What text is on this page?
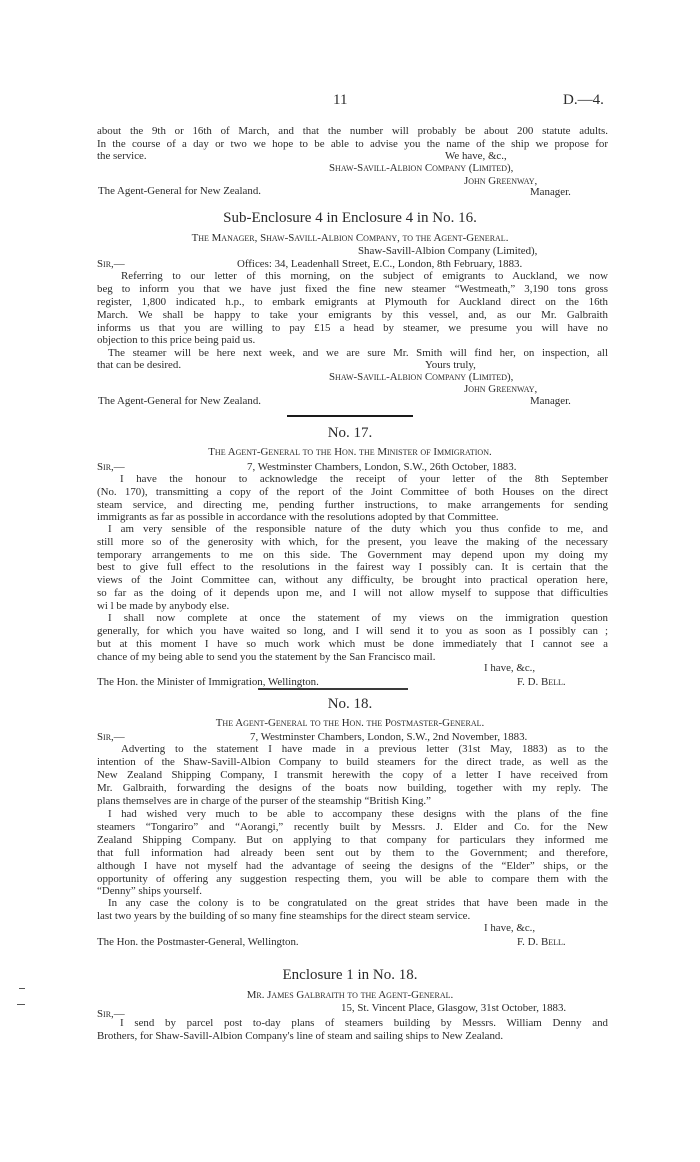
11	D.—4.
about the 9th or 16th of March, and that the number will probably be about 200 statute adults.
In the course of a day or two we hope to be able to advise you the name of the ship we propose for
the service.	We have, &c.,
Shaw-Savill-Albion Company (Limited),
John Greenway,
The Agent-General for New Zealand.	Manager.
Sub-Enclosure 4 in Enclosure 4 in No. 16.
The Manager, Shaw-Savill-Albion Company, to the Agent-General.
Shaw-Savill-Albion Company (Limited),
Sir,—	Offices: 34, Leadenhall Street, E.C., London, 8th February, 1883.
Referring to our letter of this morning, on the subject of emigrants to Auckland, we now
beg to inform you that we have just fixed the fine new steamer “Westmeath,” 3,190 tons gross
register, 1,800 indicated h.p., to embark emigrants at Plymouth for Auckland direct on the 16th
March. We shall be happy to take your emigrants by this vessel, and, as our Mr. Galbraith
informs us that you are willing to pay £15 a head by steamer, we presume you will have no
objection to this price being paid us.
The steamer will be here next week, and we are sure Mr. Smith will find her, on inspection, all
that can be desired.	Yours truly,
Shaw-Savill-Albion Company (Limited),
John Greenway,
The Agent-General for New Zealand.	Manager.
No. 17.
The Agent-General to the Hon. the Minister of Immigration.
Sir,—	7, Westminster Chambers, London, S.W., 26th October, 1883.
I have the honour to acknowledge the receipt of your letter of the 8th September
(No. 170), transmitting a copy of the report of the Joint Committee of both Houses on the direct
steam service, and directing me, pending further instructions, to make arrangements for sending
immigrants as far as possible in accordance with the resolutions adopted by that Committee.
I am very sensible of the responsible nature of the duty which you thus confide to me, and
still more so of the generosity with which, for the present, you leave the making of the necessary
temporary arrangements to me on this side. The Government may depend upon my doing my
best to give full effect to the resolutions in the fairest way I possibly can. It is certain that the
views of the Joint Committee can, without any difficulty, be brought into practical operation here,
so far as the doing of it depends upon me, and I will not allow myself to suppose that difficulties
wi l be made by anybody else.
I shall now complete at once the statement of my views on the immigration question
generally, for which you have waited so long, and I will send it to you as soon as I possibly can ;
but at this moment I have so much work which must be done immediately that I cannot see a
chance of my being able to send you the statement by the San Francisco mail.
I have, &c.,
The Hon. the Minister of Immigration, Wellington.	F. D. Bell.
No. 18.
The Agent-General to the Hon. the Postmaster-General.
Sir,—	7, Westminster Chambers, London, S.W., 2nd November, 1883.
Adverting to the statement I have made in a previous letter (31st May, 1883) as to the
intention of the Shaw-Savill-Albion Company to build steamers for the direct trade, as well as the
New Zealand Shipping Company, I transmit herewith the copy of a letter I have received from
Mr. Galbraith, forwarding the designs of the boats now building, together with my reply. The
plans themselves are in charge of the purser of the steamship “British King.”
I had wished very much to be able to accompany these designs with the plans of the fine
steamers “Tongariro” and “Aorangi,” recently built by Messrs. J. Elder and Co. for the New
Zealand Shipping Company. But on applying to that company for particulars they informed me
that full information had already been sent out by them to the Government; and therefore,
although I have not myself had the advantage of seeing the designs of the “Elder” ships, or the
opportunity of offering any suggestion respecting them, you will be able to compare them with the
“Denny” ships yourself.
In any case the colony is to be congratulated on the great strides that have been made in the
last two years by the building of so many fine steamships for the direct steam service.
I have, &c.,
The Hon. the Postmaster-General, Wellington.	F. D. Bell.
Enclosure 1 in No. 18.
Mr. James Galbraith to the Agent-General.
Sir,—	15, St. Vincent Place, Glasgow, 31st October, 1883.
I send by parcel post to-day plans of steamers building by Messrs. William Denny and
Brothers, for Shaw-Savill-Albion Company's line of steam and sailing ships to New Zealand.
